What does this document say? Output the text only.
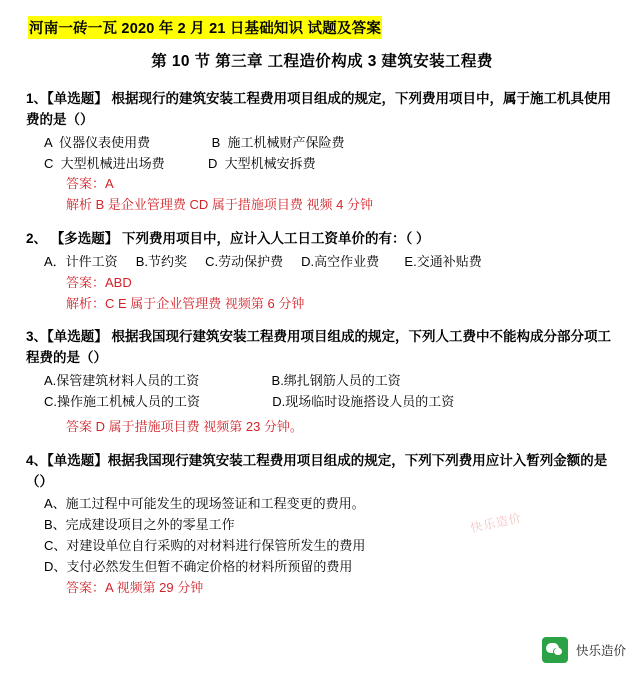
河南一砖一瓦 2020 年 2 月 21 日基础知识 试题及答案
第 10 节 第三章 工程造价构成 3 建筑安装工程费
1、【单选题】 根据现行的建筑安装工程费用项目组成的规定，下列费用项目中，属于施工机具使用费的是（）
A  仪器仪表使用费                 B  施工机械财产保险费
C  大型机械进出场费            D  大型机械安拆费
答案：A
解析 B 是企业管理费 CD 属于措施项目费 视频 4 分钟
2、 【多选题】 下列费用项目中，应计入人工日工资单价的有：（ ）
A．计件工资     B.节约奖     C.劳动保护费     D.高空作业费       E.交通补贴费
答案：ABD
解析：C E 属于企业管理费 视频第 6 分钟
3、【单选题】 根据我国现行建筑安装工程费用项目组成的规定，下列人工费中不能构成分部分项工程费的是（）
A.保管建筑材料人员的工资                    B.绑扎钢筋人员的工资
C.操作施工机械人员的工资                    D.现场临时设施搭设人员的工资
答案 D 属于措施项目费 视频第 23 分钟。
4、【单选题】根据我国现行建筑安装工程费用项目组成的规定，下列下列费用应计入暂列金额的是（）
A、施工过程中可能发生的现场签证和工程变更的费用。
B、完成建设项目之外的零星工作
C、对建设单位自行采购的对材料进行保管所发生的费用
D、支付必然发生但暂不确定价格的材料所预留的费用
答案：A 视频第 29 分钟
快乐造价
快乐造价
